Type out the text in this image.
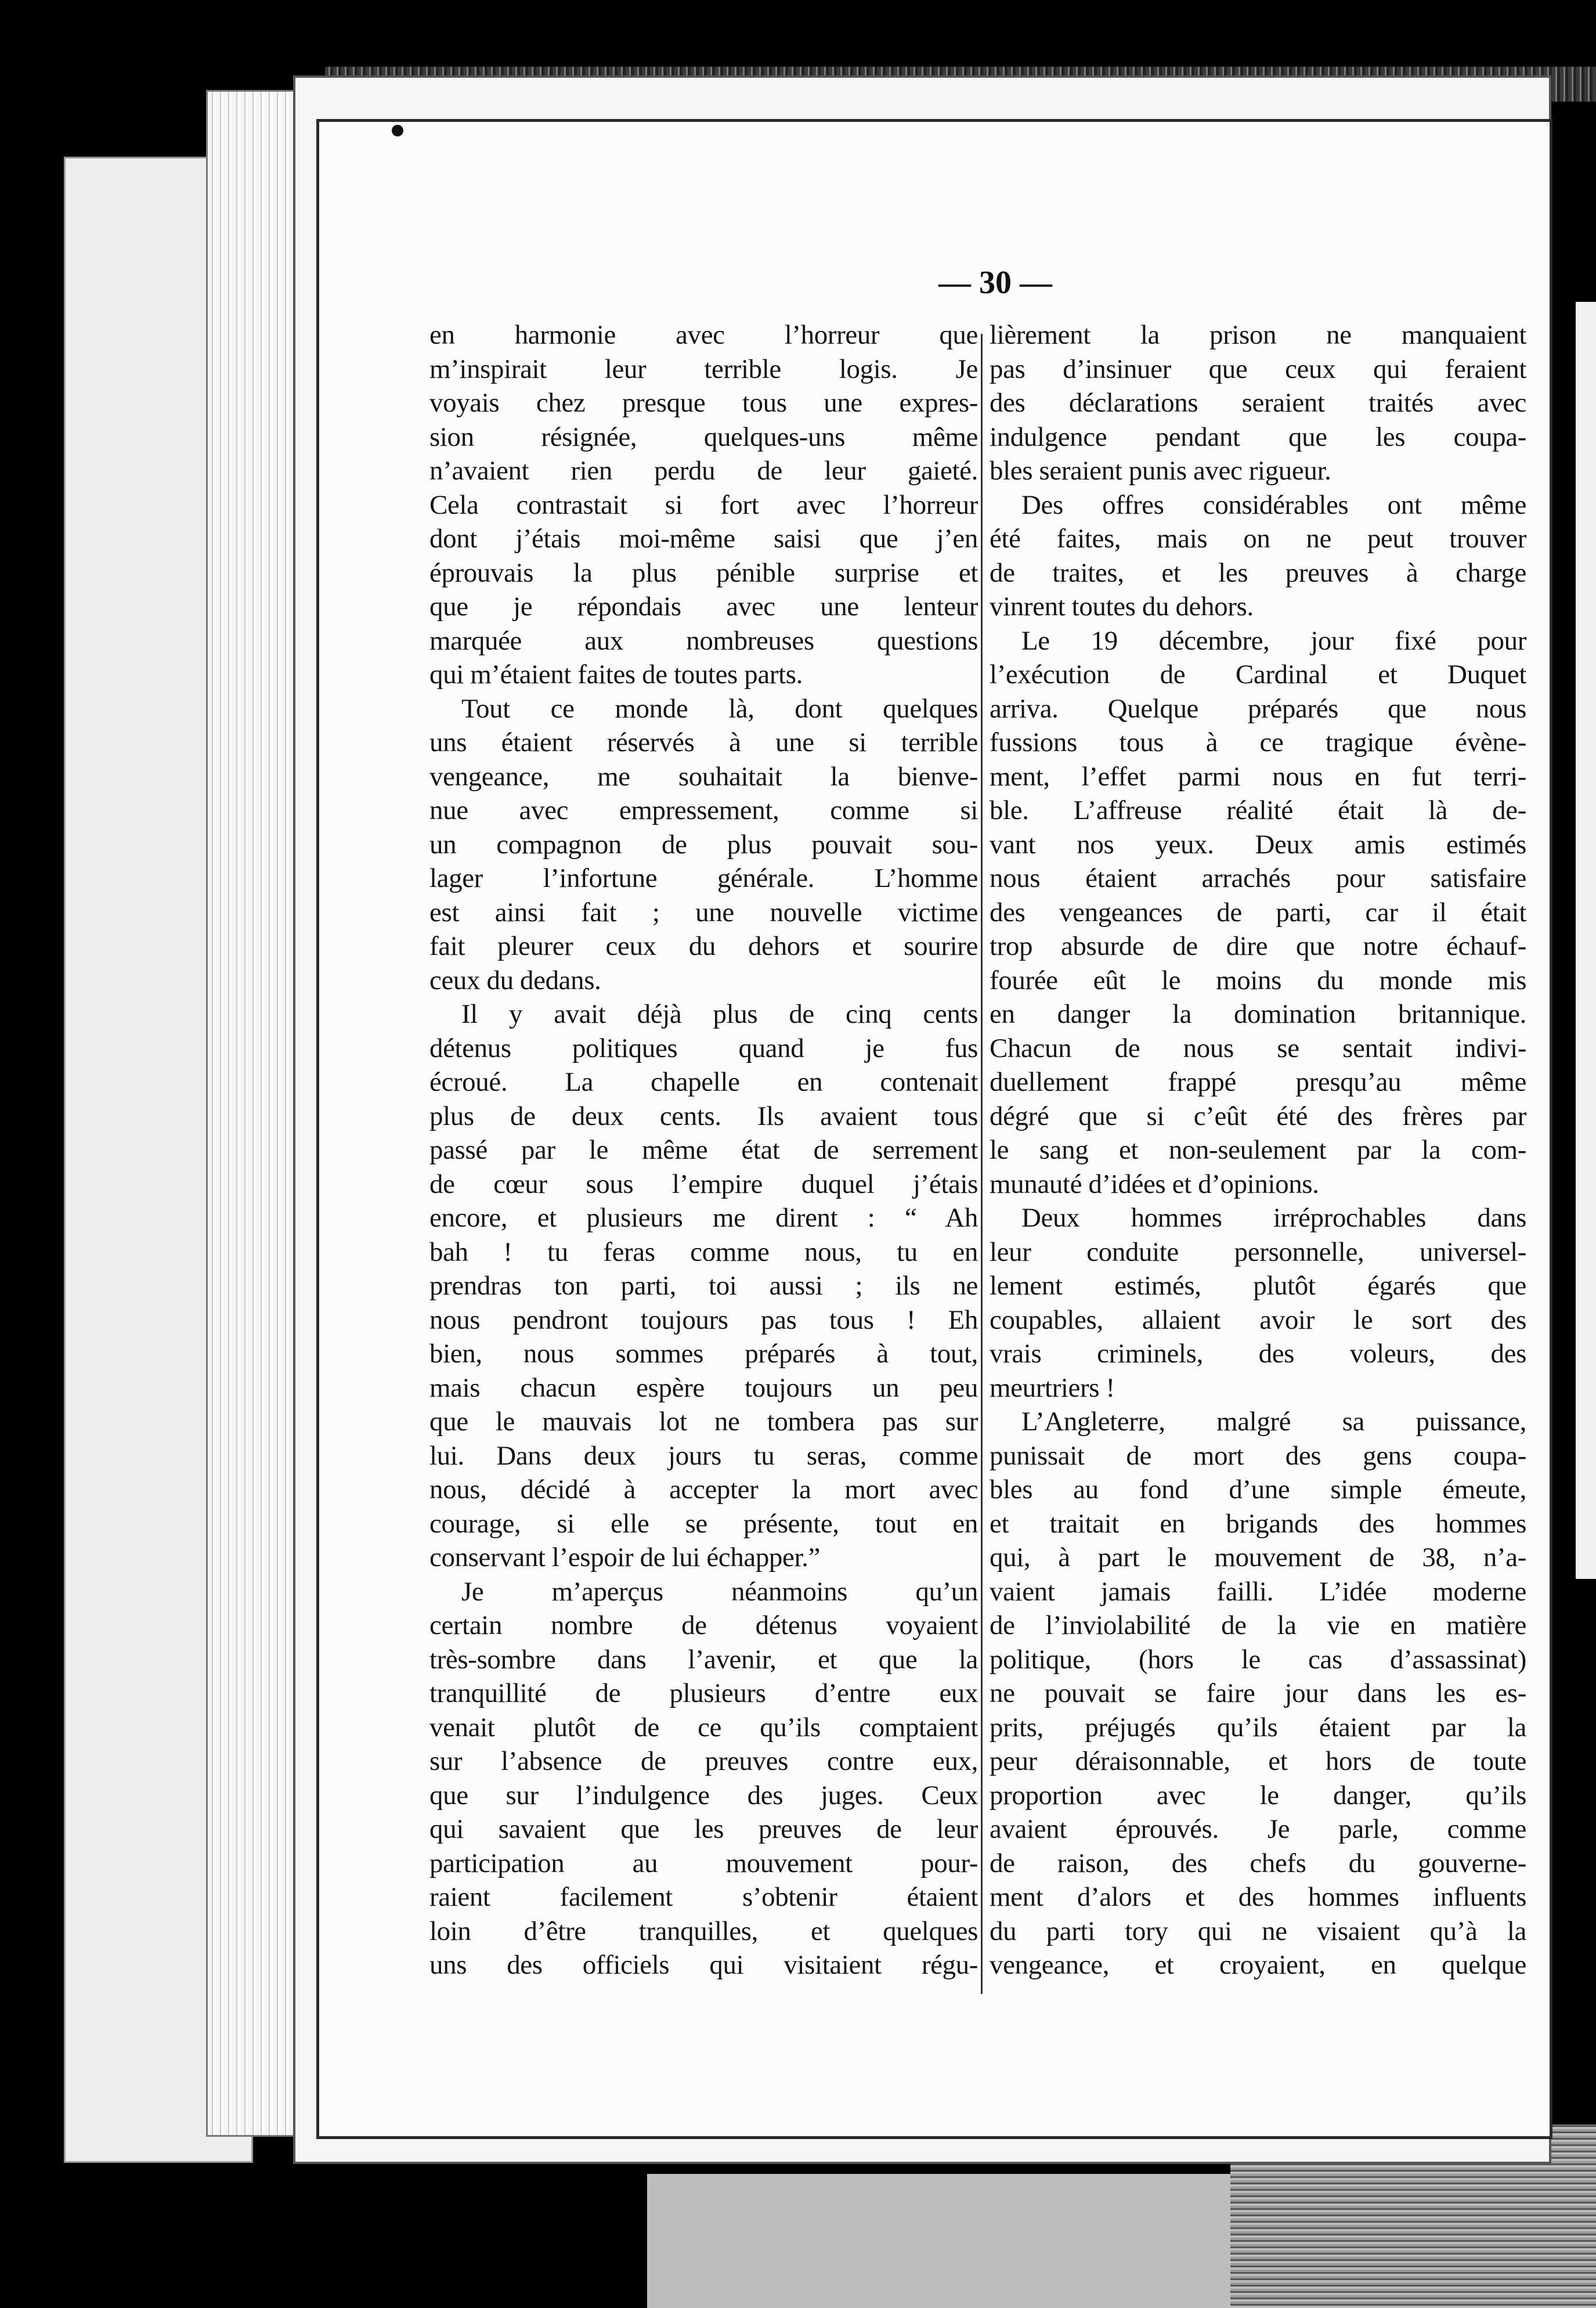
— 30 —
en harmonie avec l’horreur que
m’inspirait leur terrible logis. Je
voyais chez presque tous une expres-
sion résignée, quelques-uns même
n’avaient rien perdu de leur gaieté.
Cela contrastait si fort avec l’horreur
dont j’étais moi-même saisi que j’en
éprouvais la plus pénible surprise et
que je répondais avec une lenteur
marquée aux nombreuses questions
qui m’étaient faites de toutes parts.
Tout ce monde là, dont quelques
uns étaient réservés à une si terrible
vengeance, me souhaitait la bienve-
nue avec empressement, comme si
un compagnon de plus pouvait sou-
lager l’infortune générale. L’homme
est ainsi fait ; une nouvelle victime
fait pleurer ceux du dehors et sourire
ceux du dedans.
Il y avait déjà plus de cinq cents
détenus politiques quand je fus
écroué. La chapelle en contenait
plus de deux cents. Ils avaient tous
passé par le même état de serrement
de cœur sous l’empire duquel j’étais
encore, et plusieurs me dirent : “ Ah
bah ! tu feras comme nous, tu en
prendras ton parti, toi aussi ; ils ne
nous pendront toujours pas tous ! Eh
bien, nous sommes préparés à tout,
mais chacun espère toujours un peu
que le mauvais lot ne tombera pas sur
lui. Dans deux jours tu seras, comme
nous, décidé à accepter la mort avec
courage, si elle se présente, tout en
conservant l’espoir de lui échapper.”
Je m’aperçus néanmoins qu’un
certain nombre de détenus voyaient
très-sombre dans l’avenir, et que la
tranquillité de plusieurs d’entre eux
venait plutôt de ce qu’ils comptaient
sur l’absence de preuves contre eux,
que sur l’indulgence des juges. Ceux
qui savaient que les preuves de leur
participation au mouvement pour-
raient facilement s’obtenir étaient
loin d’être tranquilles, et quelques
uns des officiels qui visitaient régu-
lièrement la prison ne manquaient
pas d’insinuer que ceux qui feraient
des déclarations seraient traités avec
indulgence pendant que les coupa-
bles seraient punis avec rigueur.
Des offres considérables ont même
été faites, mais on ne peut trouver
de traites, et les preuves à charge
vinrent toutes du dehors.
Le 19 décembre, jour fixé pour
l’exécution de Cardinal et Duquet
arriva. Quelque préparés que nous
fussions tous à ce tragique évène-
ment, l’effet parmi nous en fut terri-
ble. L’affreuse réalité était là de-
vant nos yeux. Deux amis estimés
nous étaient arrachés pour satisfaire
des vengeances de parti, car il était
trop absurde de dire que notre échauf-
fourée eût le moins du monde mis
en danger la domination britannique.
Chacun de nous se sentait indivi-
duellement frappé presqu’au même
dégré que si c’eût été des frères par
le sang et non-seulement par la com-
munauté d’idées et d’opinions.
Deux hommes irréprochables dans
leur conduite personnelle, universel-
lement estimés, plutôt égarés que
coupables, allaient avoir le sort des
vrais criminels, des voleurs, des
meurtriers !
L’Angleterre, malgré sa puissance,
punissait de mort des gens coupa-
bles au fond d’une simple émeute,
et traitait en brigands des hommes
qui, à part le mouvement de 38, n’a-
vaient jamais failli. L’idée moderne
de l’inviolabilité de la vie en matière
politique, (hors le cas d’assassinat)
ne pouvait se faire jour dans les es-
prits, préjugés qu’ils étaient par la
peur déraisonnable, et hors de toute
proportion avec le danger, qu’ils
avaient éprouvés. Je parle, comme
de raison, des chefs du gouverne-
ment d’alors et des hommes influents
du parti tory qui ne visaient qu’à la
vengeance, et croyaient, en quelque
